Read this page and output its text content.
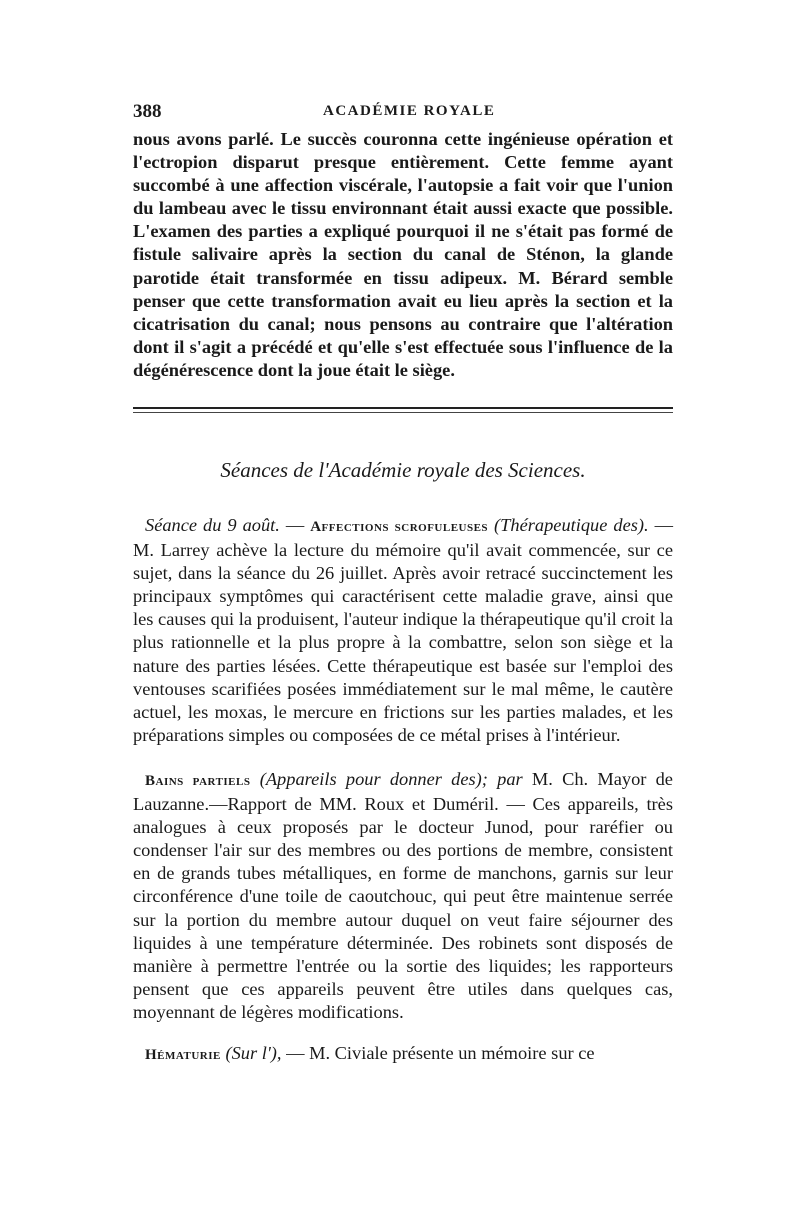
388	ACADÉMIE ROYALE

nous avons parlé. Le succès couronna cette ingénieuse opération et l'ectropion disparut presque entièrement. Cette femme ayant succombé à une affection viscérale, l'autopsie a fait voir que l'union du lambeau avec le tissu environnant était aussi exacte que possible. L'examen des parties a expliqué pourquoi il ne s'était pas formé de fistule salivaire après la section du canal de Sténon, la glande parotide était transformée en tissu adipeux. M. Bérard semble penser que cette transformation avait eu lieu après la section et la cicatrisation du canal; nous pensons au contraire que l'altération dont il s'agit a précédé et qu'elle s'est effectuée sous l'influence de la dégénérescence dont la joue était le siège.

Séances de l'Académie royale des Sciences.

Séance du 9 août. — Affections scrofuleuses (Thérapeutique des). — M. Larrey achève la lecture du mémoire qu'il avait commencée, sur ce sujet, dans la séance du 26 juillet. Après avoir retracé succinctement les principaux symptômes qui caractérisent cette maladie grave, ainsi que les causes qui la produisent, l'auteur indique la thérapeutique qu'il croit la plus rationnelle et la plus propre à la combattre, selon son siège et la nature des parties lésées. Cette thérapeutique est basée sur l'emploi des ventouses scarifiées posées immédiatement sur le mal même, le cautère actuel, les moxas, le mercure en frictions sur les parties malades, et les préparations simples ou composées de ce métal prises à l'intérieur.

Bains partiels (Appareils pour donner des); par M. Ch. Mayor de Lauzanne.—Rapport de MM. Roux et Duméril. — Ces appareils, très analogues à ceux proposés par le docteur Junod, pour raréfier ou condenser l'air sur des membres ou des portions de membre, consistent en de grands tubes métalliques, en forme de manchons, garnis sur leur circonférence d'une toile de caoutchouc, qui peut être maintenue serrée sur la portion du membre autour duquel on veut faire séjourner des liquides à une température déterminée. Des robinets sont disposés de manière à permettre l'entrée ou la sortie des liquides; les rapporteurs pensent que ces appareils peuvent être utiles dans quelques cas, moyennant de légères modifications.

Hématurie (Sur l'), — M. Civiale présente un mémoire sur ce
